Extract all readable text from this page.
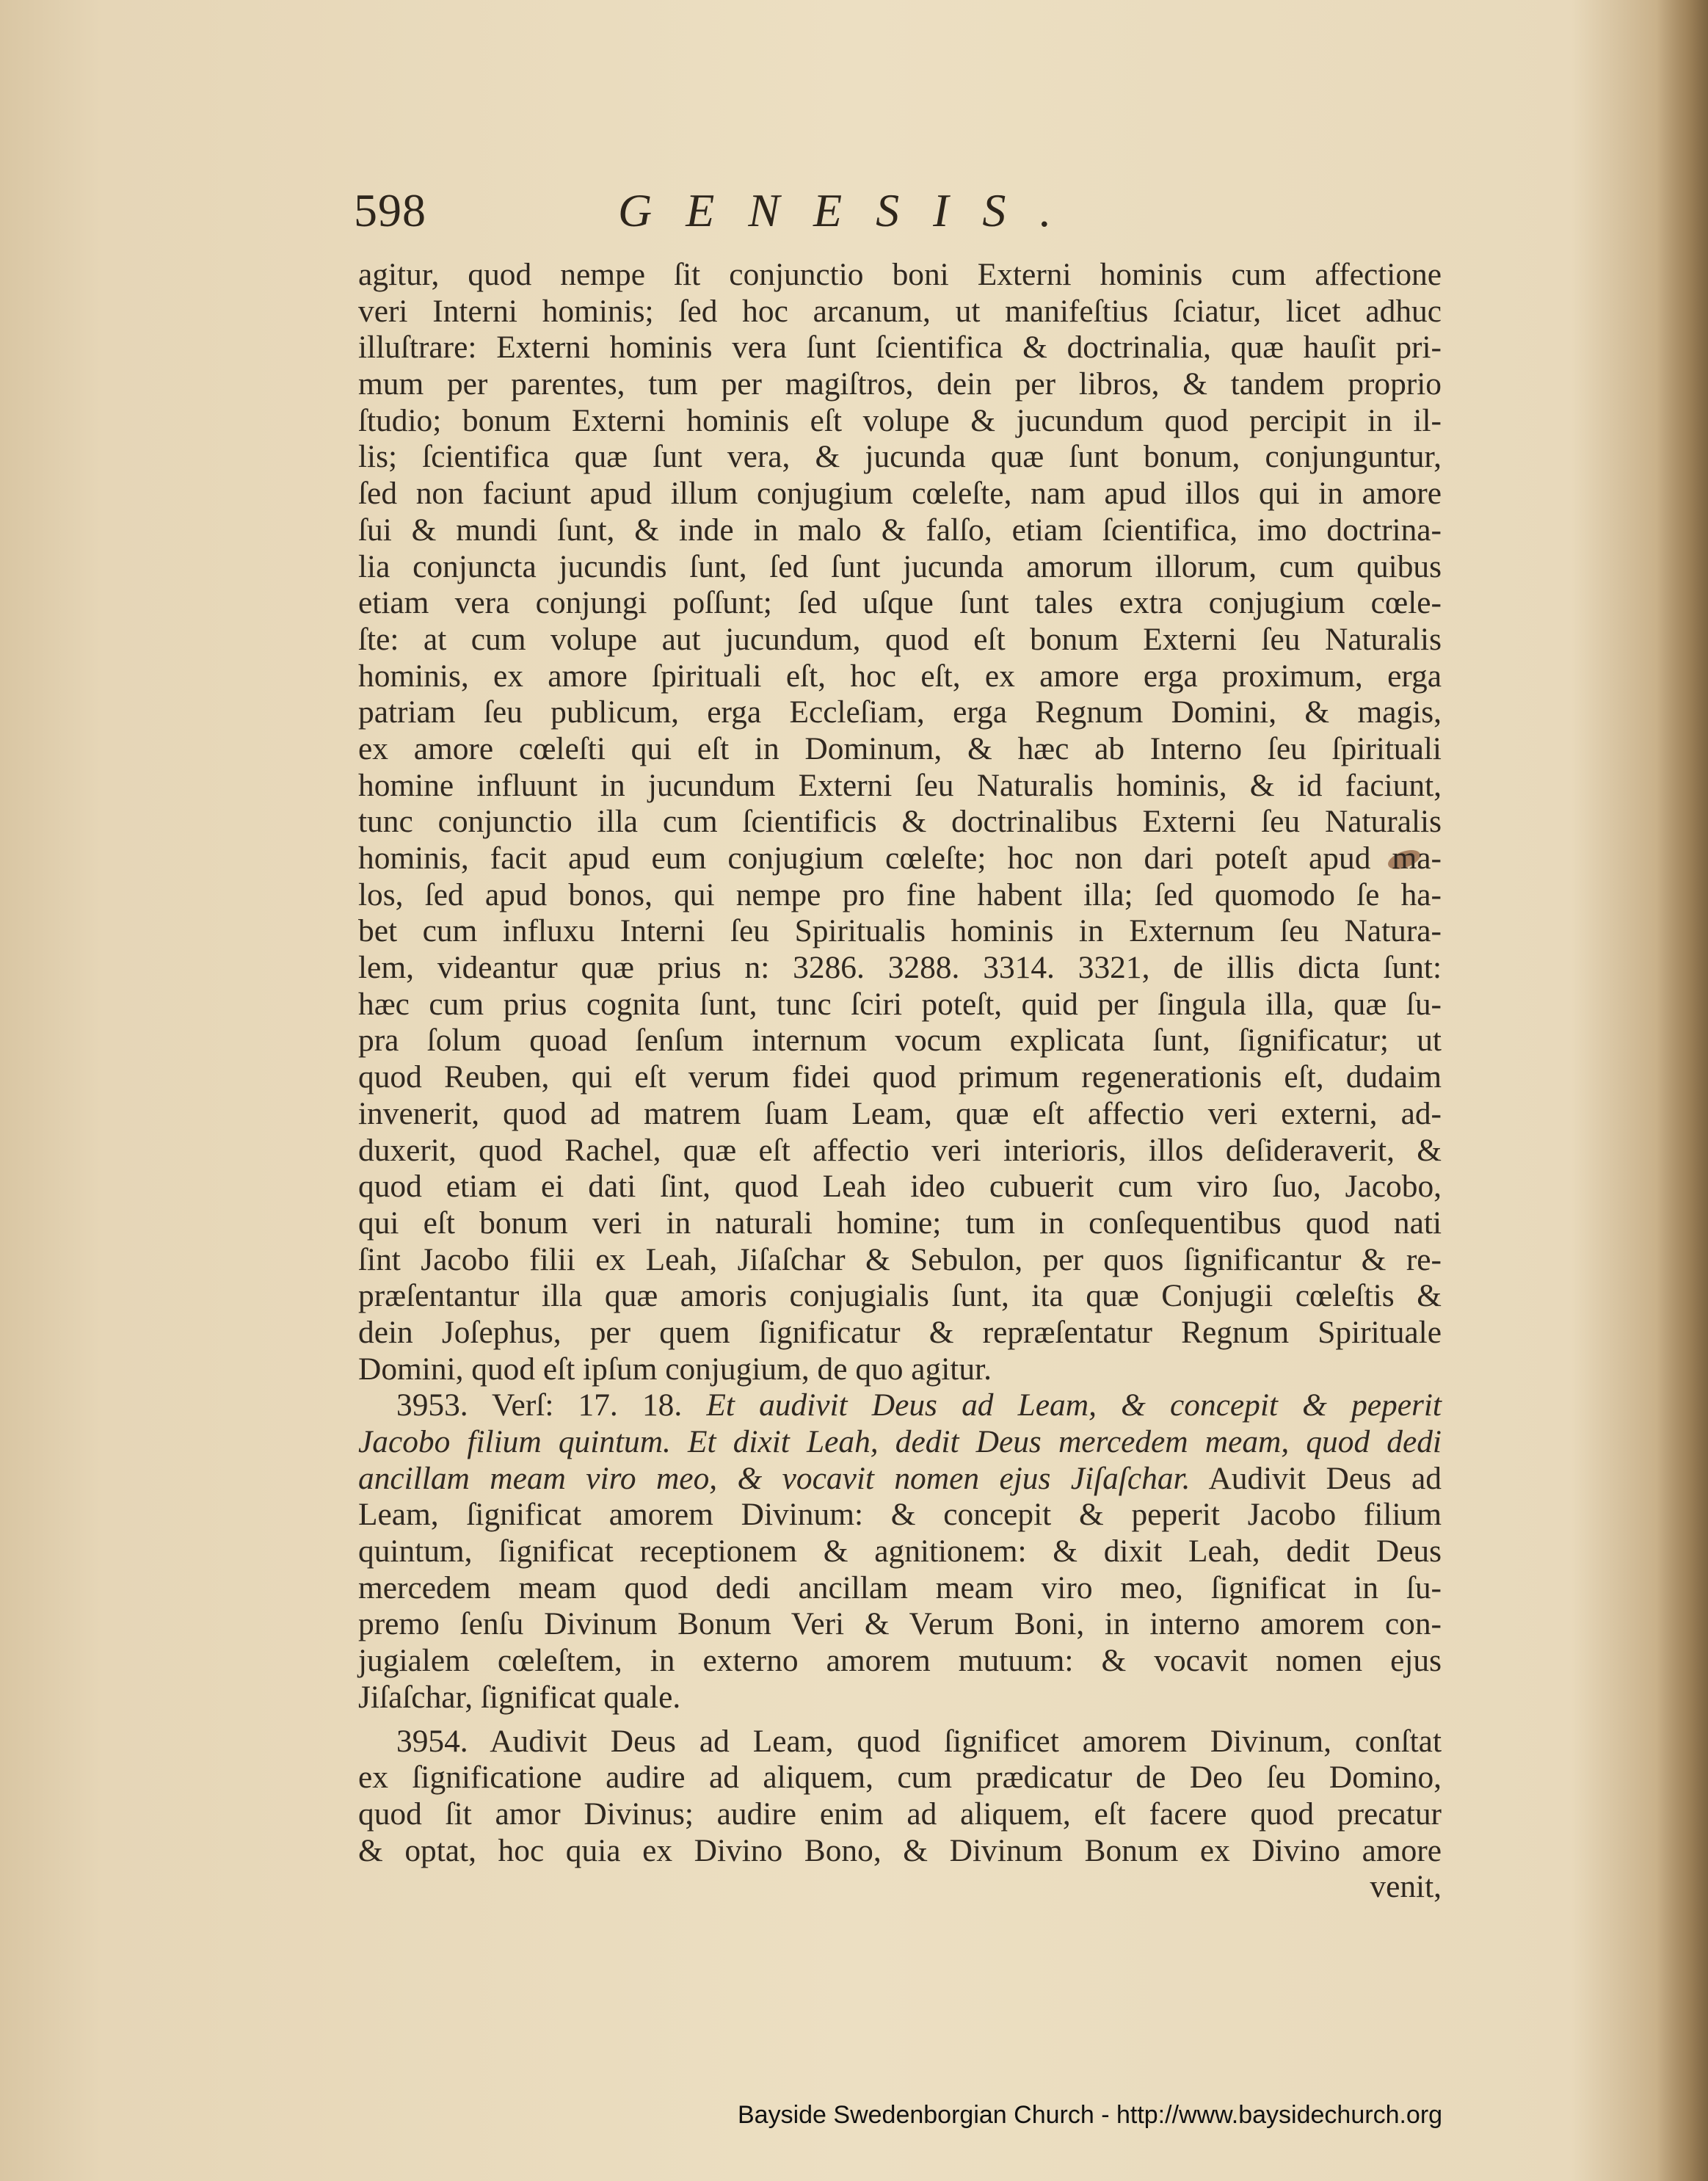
598	GENESIS.
agitur, quod nempe ſit conjunctio boni Externi hominis cum affectione
veri Interni hominis; ſed hoc arcanum, ut manifeſtius ſciatur, licet adhuc
illuſtrare: Externi hominis vera ſunt ſcientifica & doctrinalia, quæ hauſit pri-
mum per parentes, tum per magiſtros, dein per libros, & tandem proprio
ſtudio; bonum Externi hominis eſt volupe & jucundum quod percipit in il-
lis; ſcientifica quæ ſunt vera, & jucunda quæ ſunt bonum, conjunguntur,
ſed non faciunt apud illum conjugium cœleſte, nam apud illos qui in amore
ſui & mundi ſunt, & inde in malo & falſo, etiam ſcientifica, imo doctrina-
lia conjuncta jucundis ſunt, ſed ſunt jucunda amorum illorum, cum quibus
etiam vera conjungi poſſunt; ſed uſque ſunt tales extra conjugium cœle-
ſte: at cum volupe aut jucundum, quod eſt bonum Externi ſeu Naturalis
hominis, ex amore ſpirituali eſt, hoc eſt, ex amore erga proximum, erga
patriam ſeu publicum, erga Eccleſiam, erga Regnum Domini, & magis,
ex amore cœleſti qui eſt in Dominum, & hæc ab Interno ſeu ſpirituali
homine influunt in jucundum Externi ſeu Naturalis hominis, & id faciunt,
tunc conjunctio illa cum ſcientificis & doctrinalibus Externi ſeu Naturalis
hominis, facit apud eum conjugium cœleſte; hoc non dari poteſt apud ma-
los, ſed apud bonos, qui nempe pro fine habent illa; ſed quomodo ſe ha-
bet cum influxu Interni ſeu Spiritualis hominis in Externum ſeu Natura-
lem, videantur quæ prius n: 3286. 3288. 3314. 3321, de illis dicta ſunt:
hæc cum prius cognita ſunt, tunc ſciri poteſt, quid per ſingula illa, quæ ſu-
pra ſolum quoad ſenſum internum vocum explicata ſunt, ſignificatur; ut
quod Reuben, qui eſt verum fidei quod primum regenerationis eſt, dudaim
invenerit, quod ad matrem ſuam Leam, quæ eſt affectio veri externi, ad-
duxerit, quod Rachel, quæ eſt affectio veri interioris, illos deſideraverit, &
quod etiam ei dati ſint, quod Leah ideo cubuerit cum viro ſuo, Jacobo,
qui eſt bonum veri in naturali homine; tum in conſequentibus quod nati
ſint Jacobo filii ex Leah, Jiſaſchar & Sebulon, per quos ſignificantur & re-
præſentantur illa quæ amoris conjugialis ſunt, ita quæ Conjugii cœleſtis &
dein Joſephus, per quem ſignificatur & repræſentatur Regnum Spirituale
Domini, quod eſt ipſum conjugium, de quo agitur.
3953. Verſ: 17. 18. Et audivit Deus ad Leam, & concepit & peperit
Jacobo filium quintum. Et dixit Leah, dedit Deus mercedem meam, quod dedi
ancillam meam viro meo, & vocavit nomen ejus Jiſaſchar. Audivit Deus ad
Leam, ſignificat amorem Divinum: & concepit & peperit Jacobo filium
quintum, ſignificat receptionem & agnitionem: & dixit Leah, dedit Deus
mercedem meam quod dedi ancillam meam viro meo, ſignificat in ſu-
premo ſenſu Divinum Bonum Veri & Verum Boni, in interno amorem con-
jugialem cœleſtem, in externo amorem mutuum: & vocavit nomen ejus
Jiſaſchar, ſignificat quale.
3954. Audivit Deus ad Leam, quod ſignificet amorem Divinum, conſtat
ex ſignificatione audire ad aliquem, cum prædicatur de Deo ſeu Domino,
quod ſit amor Divinus; audire enim ad aliquem, eſt facere quod precatur
& optat, hoc quia ex Divino Bono, & Divinum Bonum ex Divino amore
venit,
Bayside Swedenborgian Church - http://www.baysidechurch.org
